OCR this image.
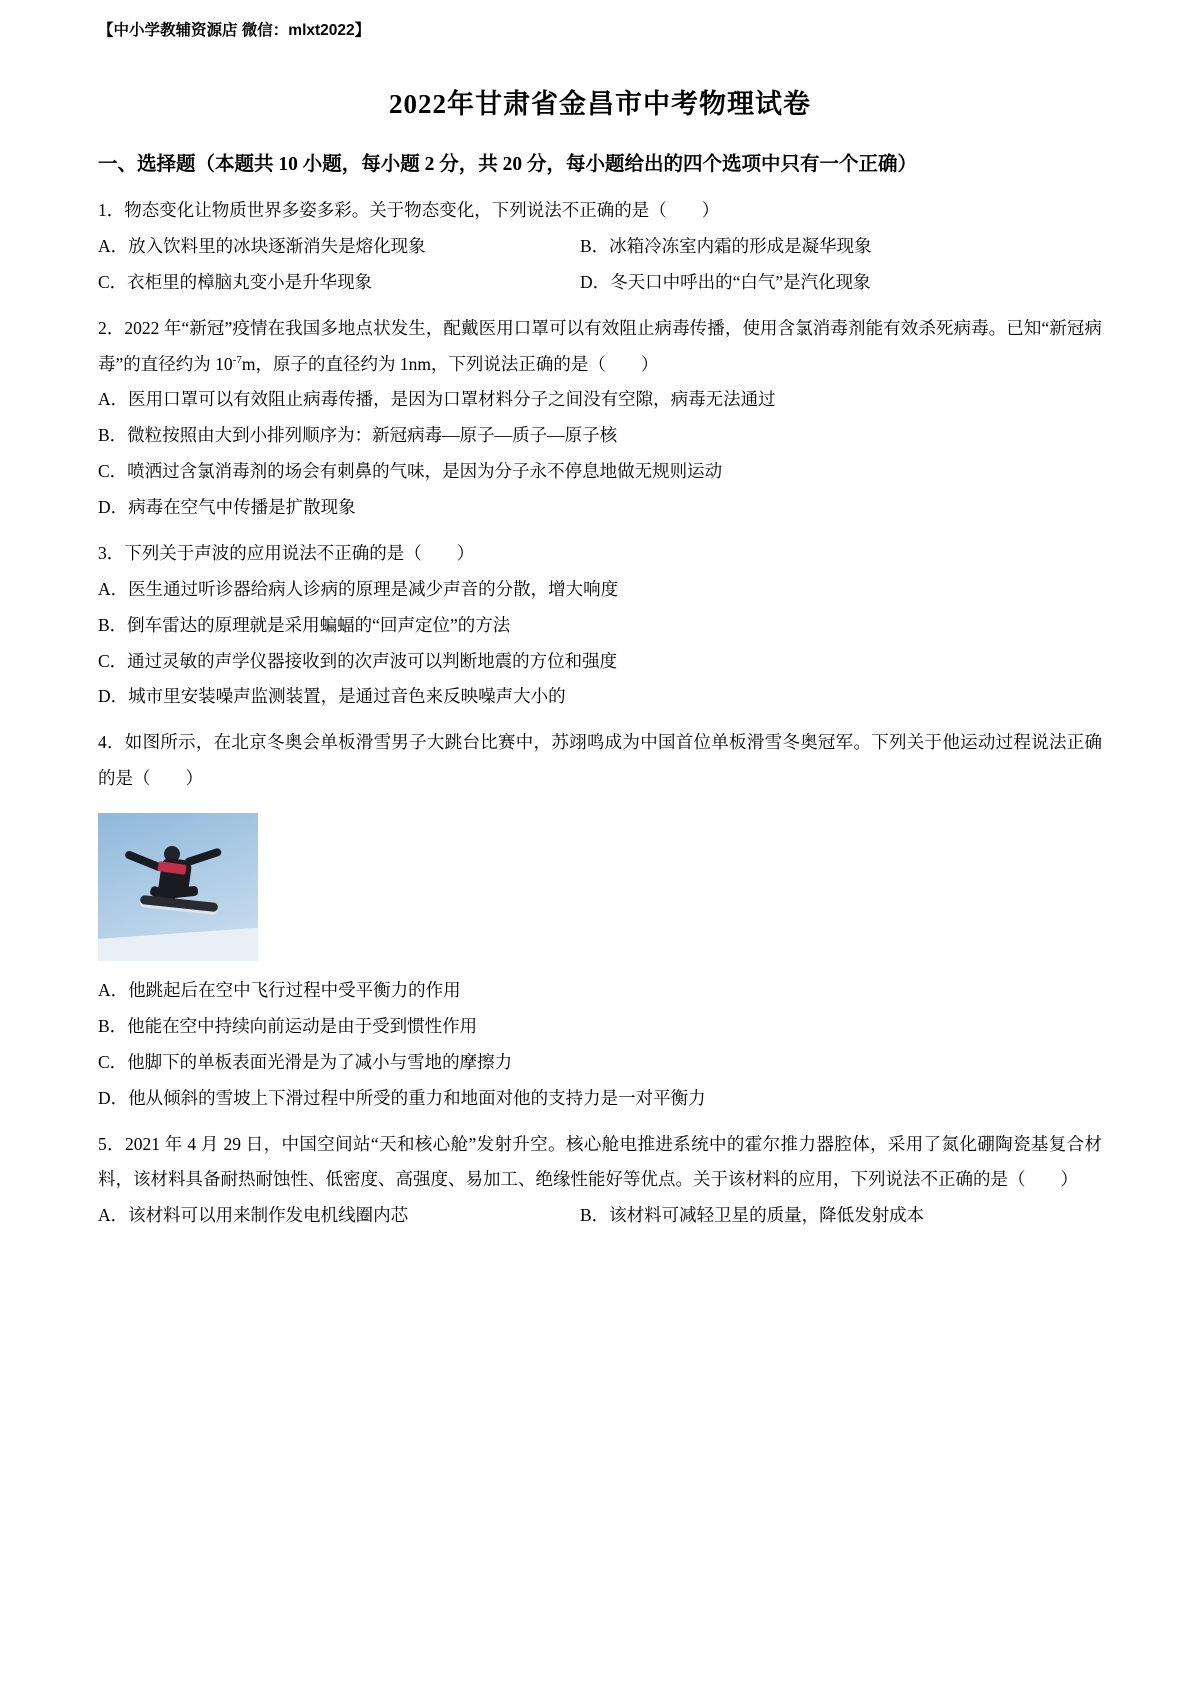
【中小学教辅资源店 微信：mlxt2022】
2022年甘肃省金昌市中考物理试卷

一、选择题（本题共 10 小题，每小题 2 分，共 20 分，每小题给出的四个选项中只有一个正确）

1．物态变化让物质世界多姿多彩。关于物态变化，下列说法不正确的是（　　）

A．放入饮料里的冰块逐渐消失是熔化现象	B．冰箱冷冻室内霜的形成是凝华现象
C．衣柜里的樟脑丸变小是升华现象	D．冬天口中呼出的“白气”是汽化现象

2．2022 年“新冠”疫情在我国多地点状发生，配戴医用口罩可以有效阻止病毒传播，使用含氯消毒剂能有效杀死病毒。已知“新冠病毒”的直径约为 $10^{-7}m$，原子的直径约为 1nm，下列说法正确的是（　　）

A．医用口罩可以有效阻止病毒传播，是因为口罩材料分子之间没有空隙，病毒无法通过

B．微粒按照由大到小排列顺序为：新冠病毒—原子—质子—原子核

C．喷洒过含氯消毒剂的场会有刺鼻的气味，是因为分子永不停息地做无规则运动

D．病毒在空气中传播是扩散现象

3．下列关于声波的应用说法不正确的是（　　）

A．医生通过听诊器给病人诊病的原理是减少声音的分散，增大响度

B．倒车雷达的原理就是采用蝙蝠的“回声定位”的方法

C．通过灵敏的声学仪器接收到的次声波可以判断地震的方位和强度

D．城市里安装噪声监测装置，是通过音色来反映噪声大小的

4．如图所示，在北京冬奥会单板滑雪男子大跳台比赛中，苏翊鸣成为中国首位单板滑雪冬奥冠军。下列关于他运动过程说法正确的是（　　）

A．他跳起后在空中飞行过程中受平衡力的作用

B．他能在空中持续向前运动是由于受到惯性作用

C．他脚下的单板表面光滑是为了减小与雪地的摩擦力

D．他从倾斜的雪坡上下滑过程中所受的重力和地面对他的支持力是一对平衡力

5．2021 年 4 月 29 日，中国空间站“天和核心舱”发射升空。核心舱电推进系统中的霍尔推力器腔体，采用了氮化硼陶瓷基复合材料，该材料具备耐热耐蚀性、低密度、高强度、易加工、绝缘性能好等优点。关于该材料的应用，下列说法不正确的是（　　）

A．该材料可以用来制作发电机线圈内芯	B．该材料可减轻卫星的质量，降低发射成本
